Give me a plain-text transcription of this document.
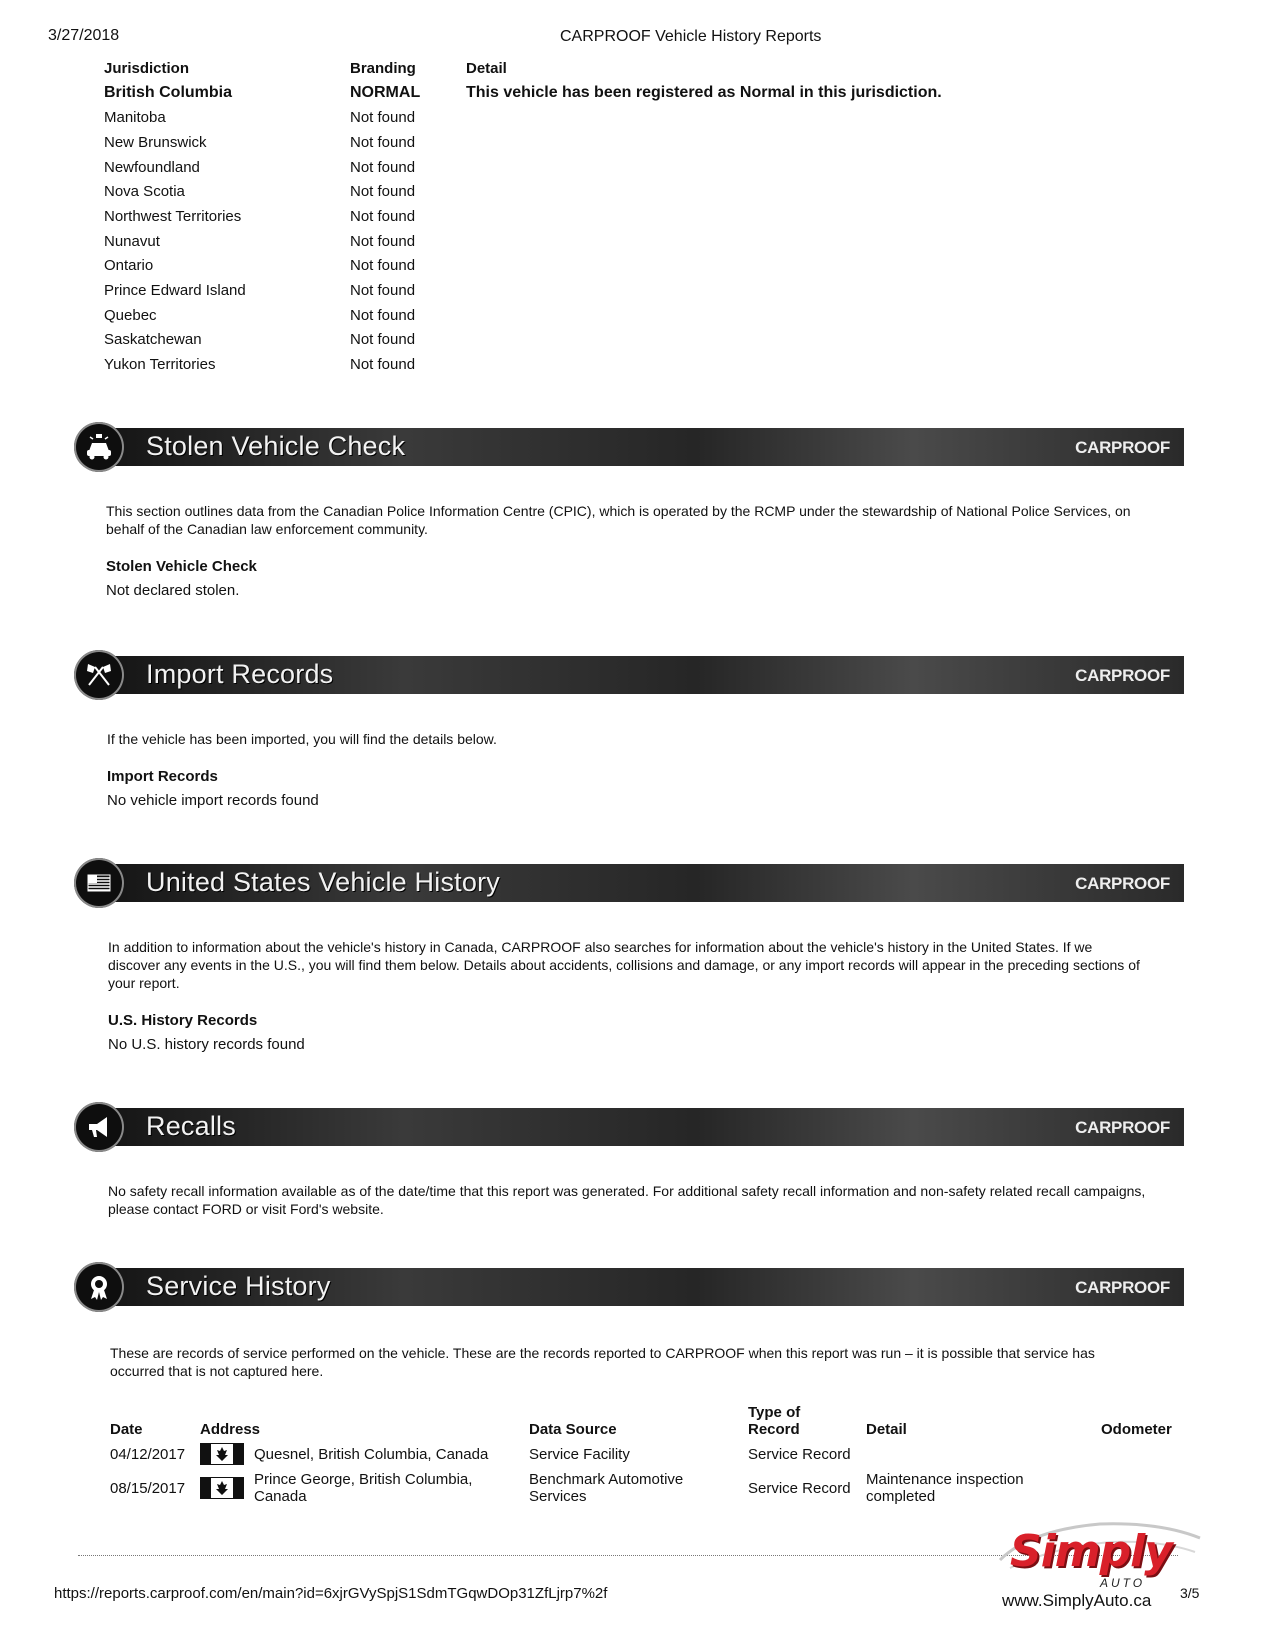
3/27/2018	CARPROOF Vehicle History Reports
Jurisdiction	Branding	Detail
British Columbia	NORMAL	This vehicle has been registered as Normal in this jurisdiction.
Manitoba	Not found	
New Brunswick	Not found	
Newfoundland	Not found	
Nova Scotia	Not found	
Northwest Territories	Not found	
Nunavut	Not found	
Ontario	Not found	
Prince Edward Island	Not found	
Quebec	Not found	
Saskatchewan	Not found	
Yukon Territories	Not found	
Stolen Vehicle Check	CARPROOF
This section outlines data from the Canadian Police Information Centre (CPIC), which is operated by the RCMP under the stewardship of National Police Services, on behalf of the Canadian law enforcement community.
Stolen Vehicle Check
Not declared stolen.
Import Records	CARPROOF
If the vehicle has been imported, you will find the details below.
Import Records
No vehicle import records found
United States Vehicle History	CARPROOF
In addition to information about the vehicle's history in Canada, CARPROOF also searches for information about the vehicle's history in the United States. If we discover any events in the U.S., you will find them below. Details about accidents, collisions and damage, or any import records will appear in the preceding sections of your report.
U.S. History Records
No U.S. history records found
Recalls	CARPROOF
No safety recall information available as of the date/time that this report was generated. For additional safety recall information and non-safety related recall campaigns, please contact FORD or visit Ford's website.
Service History	CARPROOF
These are records of service performed on the vehicle. These are the records reported to CARPROOF when this report was run – it is possible that service has occurred that is not captured here.
Date	Address	Data Source	Type of Record	Detail	Odometer
04/12/2017	Quesnel, British Columbia, Canada	Service Facility	Service Record		
08/15/2017	Prince George, British Columbia, Canada	Benchmark Automotive Services	Service Record	Maintenance inspection completed	

Simply
AUTO
www.SimplyAuto.ca
https://reports.carproof.com/en/main?id=6xjrGVySpjS1SdmTGqwDOp31ZfLjrp7%2f	3/5
